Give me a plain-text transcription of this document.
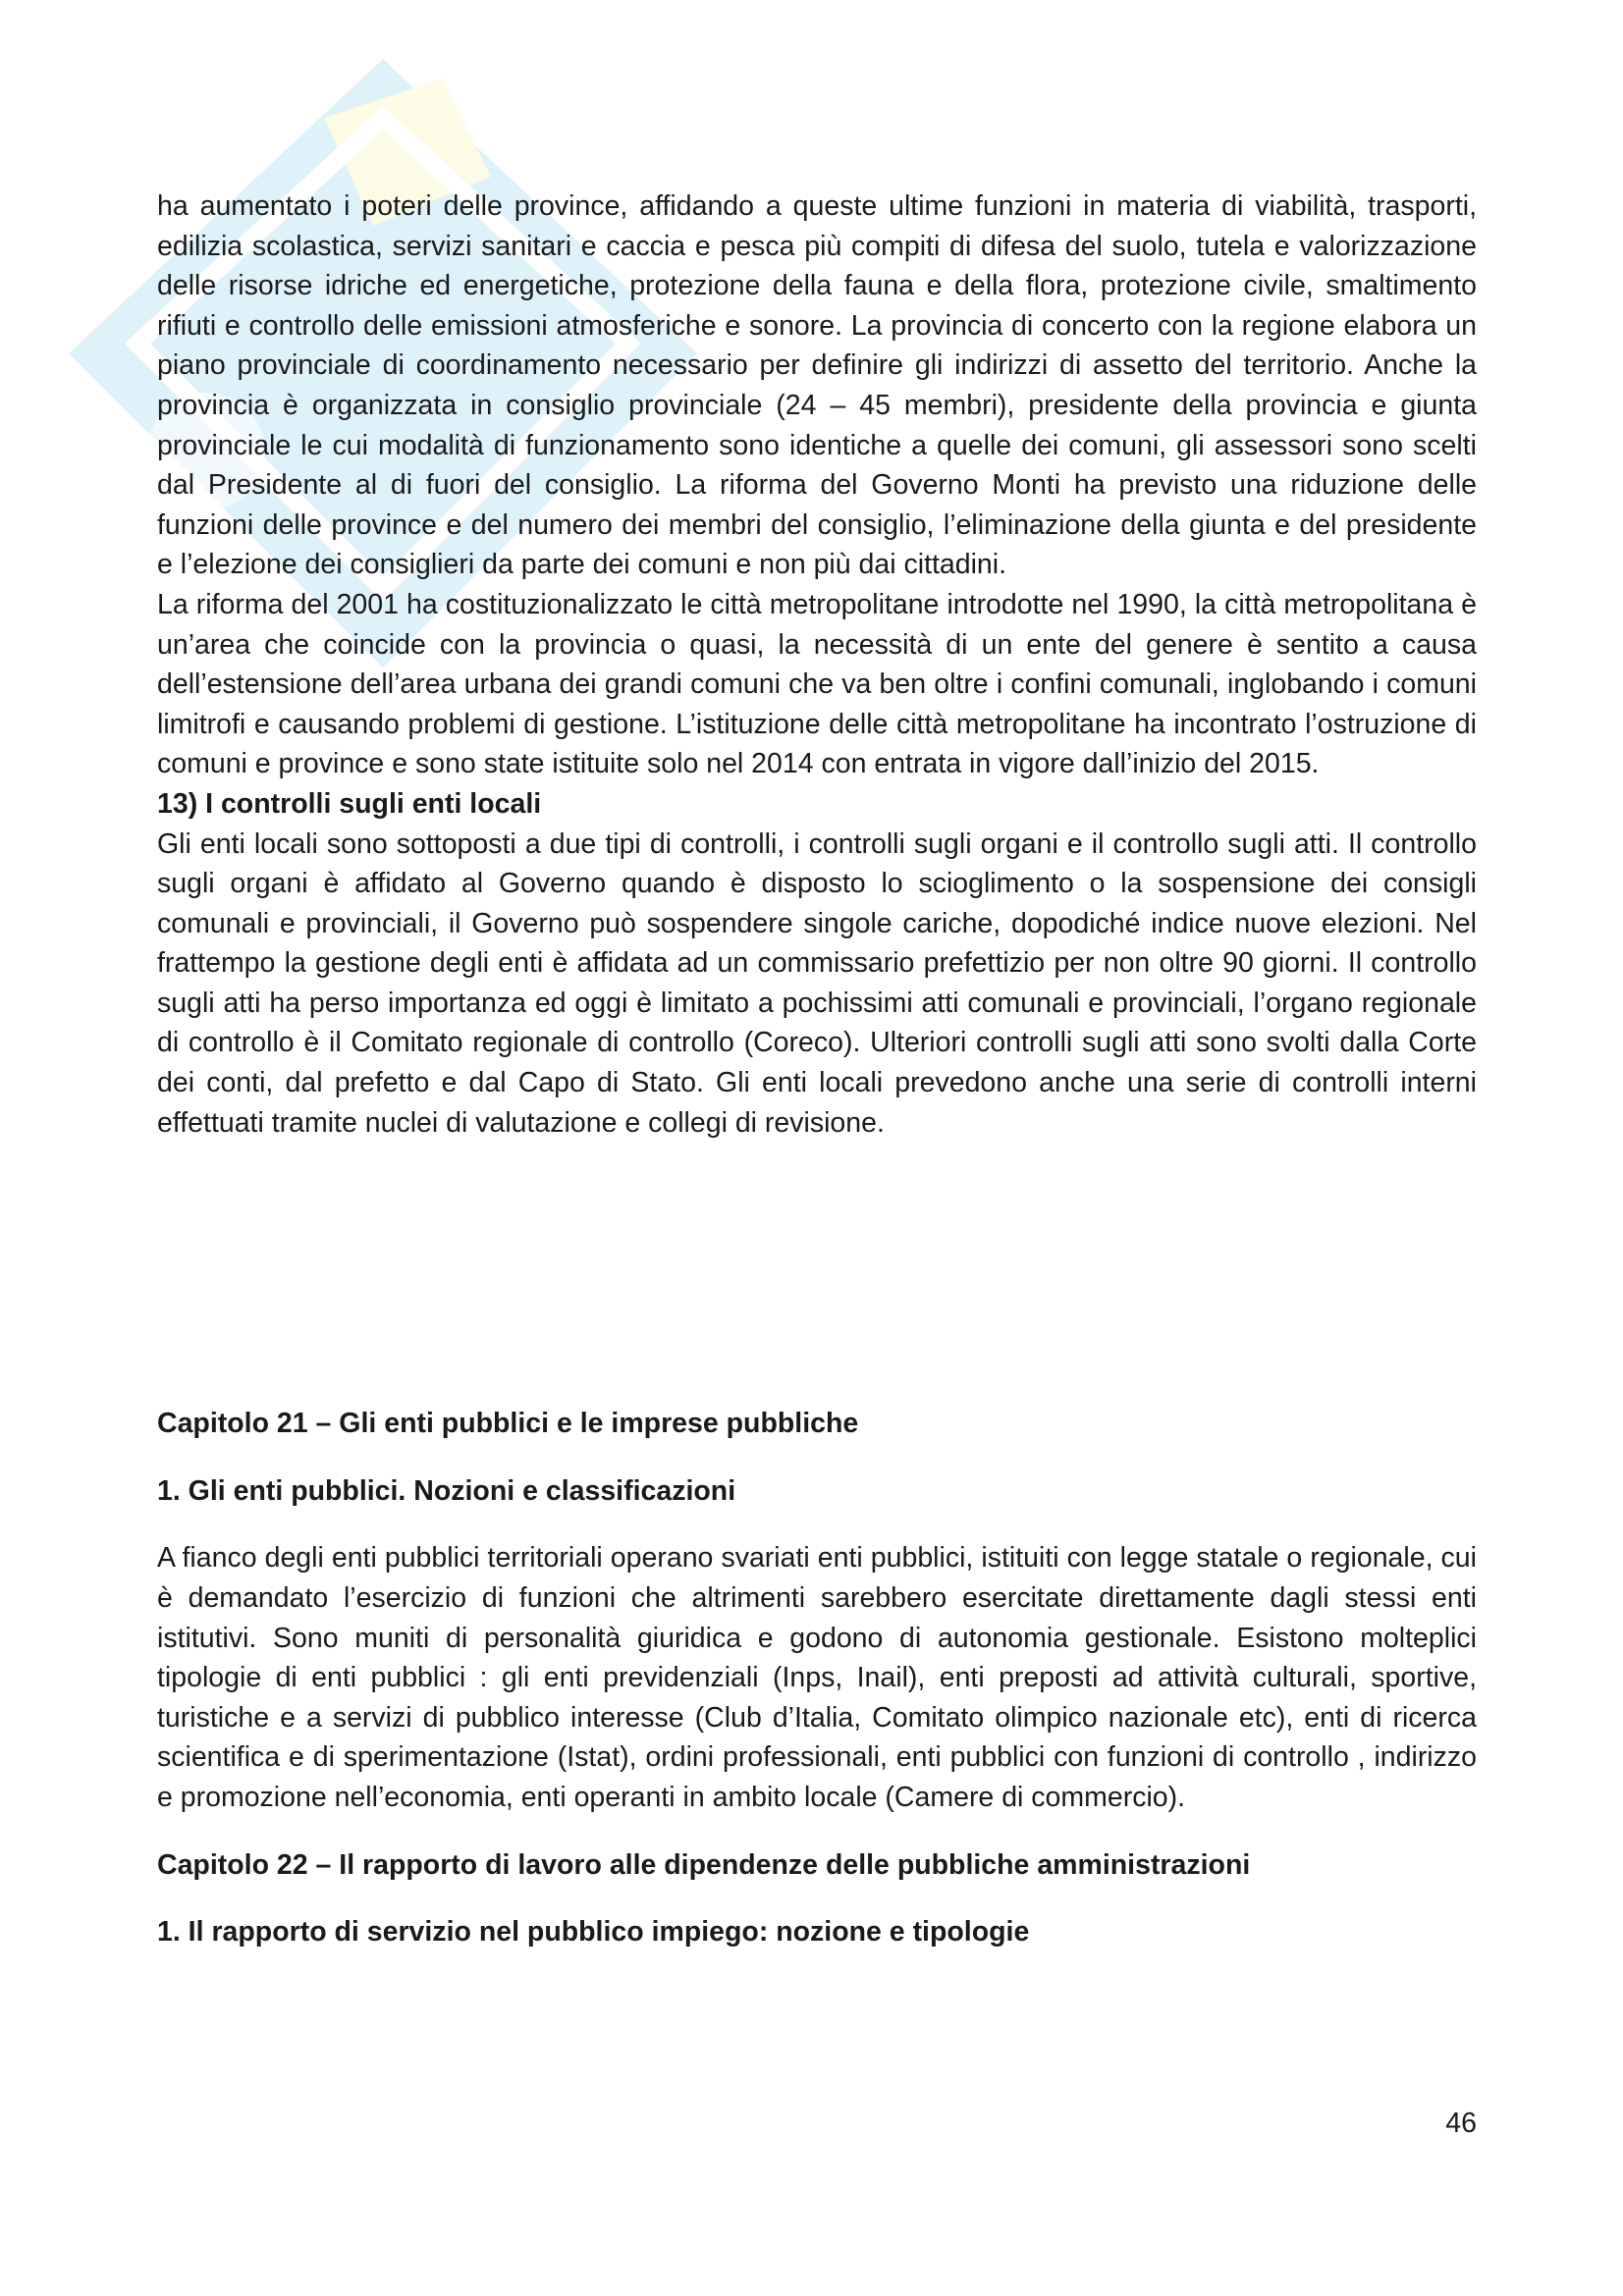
ha aumentato i poteri delle province, affidando a queste ultime funzioni in materia di viabilità, trasporti, edilizia scolastica, servizi sanitari e caccia e pesca più compiti di difesa del suolo, tutela e valorizzazione delle risorse idriche ed energetiche, protezione della fauna e della flora, protezione civile, smaltimento rifiuti e controllo delle emissioni atmosferiche e sonore. La provincia di concerto con la regione elabora un piano provinciale di coordinamento necessario per definire gli indirizzi di assetto del territorio. Anche la provincia è organizzata in consiglio provinciale (24 – 45 membri), presidente della provincia e giunta provinciale le cui modalità di funzionamento sono identiche a quelle dei comuni, gli assessori sono scelti dal Presidente al di fuori del consiglio. La riforma del Governo Monti ha previsto una riduzione delle funzioni delle province e del numero dei membri del consiglio, l’eliminazione della giunta e del presidente e l’elezione dei consiglieri da parte dei comuni e non più dai cittadini.

La riforma del 2001 ha costituzionalizzato le città metropolitane introdotte nel 1990, la città metropolitana è un’area che coincide con la provincia o quasi, la necessità di un ente del genere è sentito a causa dell’estensione dell’area urbana dei grandi comuni che va ben oltre i confini comunali, inglobando i comuni limitrofi e causando problemi di gestione. L’istituzione delle città metropolitane ha incontrato l’ostruzione di comuni e province e sono state istituite solo nel 2014 con entrata in vigore dall’inizio del 2015.

13) I controlli sugli enti locali

Gli enti locali sono sottoposti a due tipi di controlli, i controlli sugli organi e il controllo sugli atti. Il controllo sugli organi è affidato al Governo quando è disposto lo scioglimento o la sospensione dei consigli comunali e provinciali, il Governo può sospendere singole cariche, dopodiché indice nuove elezioni. Nel frattempo la gestione degli enti è affidata ad un commissario prefettizio per non oltre 90 giorni. Il controllo sugli atti ha perso importanza ed oggi è limitato a pochissimi atti comunali e provinciali, l’organo regionale di controllo è il Comitato regionale di controllo (Coreco). Ulteriori controlli sugli atti sono svolti dalla Corte dei conti, dal prefetto e dal Capo di Stato. Gli enti locali prevedono anche una serie di controlli interni effettuati tramite nuclei di valutazione e collegi di revisione.

Capitolo 21 – Gli enti pubblici e le imprese pubbliche

1. Gli enti pubblici. Nozioni e classificazioni

A fianco degli enti pubblici territoriali operano svariati enti pubblici, istituiti con legge statale o regionale, cui è demandato l’esercizio di funzioni che altrimenti sarebbero esercitate direttamente dagli stessi enti istitutivi. Sono muniti di personalità giuridica e godono di autonomia gestionale. Esistono molteplici tipologie di enti pubblici : gli enti previdenziali (Inps, Inail), enti preposti ad attività culturali, sportive, turistiche e a servizi di pubblico interesse (Club d’Italia, Comitato olimpico nazionale etc), enti di ricerca scientifica e di sperimentazione (Istat), ordini professionali, enti pubblici con funzioni di controllo , indirizzo e promozione nell’economia, enti operanti in ambito locale (Camere di commercio).

Capitolo 22 – Il rapporto di lavoro alle dipendenze delle pubbliche amministrazioni

1. Il rapporto di servizio nel pubblico impiego: nozione e tipologie

46
